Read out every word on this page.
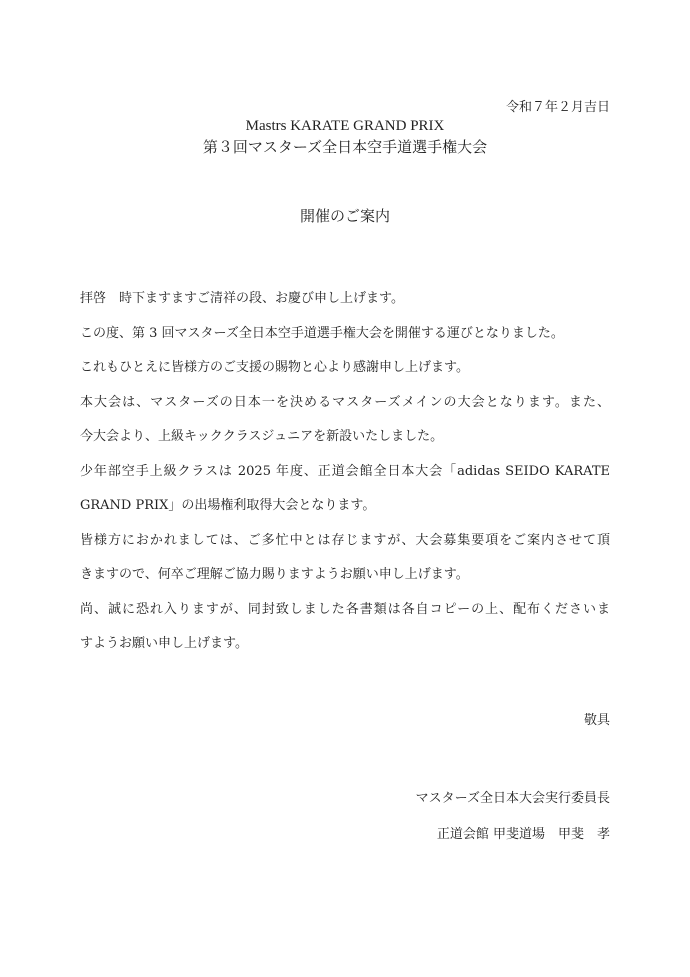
令和７年２月吉日
Mastrs KARATE GRAND PRIX
第３回マスターズ全日本空手道選手権大会
開催のご案内
拝啓　時下ますますご清祥の段、お慶び申し上げます。
この度、第 3 回マスターズ全日本空手道選手権大会を開催する運びとなりました。
これもひとえに皆様方のご支援の賜物と心より感謝申し上げます。
本大会は、マスターズの日本一を決めるマスターズメインの大会となります。また、
今大会より、上級キッククラスジュニアを新設いたしました。
少年部空手上級クラスは 2025 年度、正道会館全日本大会「adidas SEIDO KARATE
GRAND PRIX」の出場権利取得大会となります。
皆様方におかれましては、ご多忙中とは存じますが、大会募集要項をご案内させて頂
きますので、何卒ご理解ご協力賜りますようお願い申し上げます。
尚、誠に恐れ入りますが、同封致しました各書類は各自コピーの上、配布くださいま
すようお願い申し上げます。
敬具
マスターズ全日本大会実行委員長
正道会館 甲斐道場　甲斐　孝
